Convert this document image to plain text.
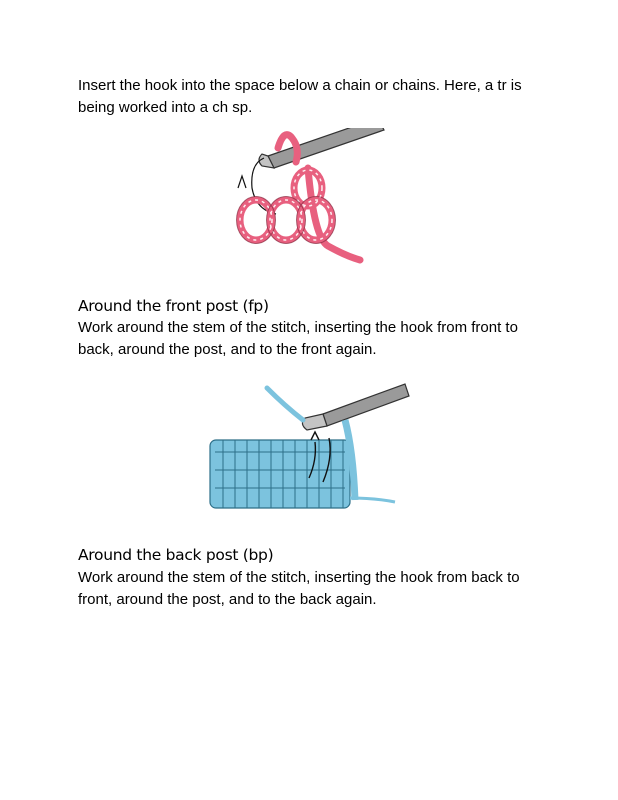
Insert the hook into the space below a chain or chains. Here, a tr is being worked into a ch sp.

Around the front post (fp)

Work around the stem of the stitch, inserting the hook from front to back, around the post, and to the front again.

Around the back post (bp)

Work around the stem of the stitch, inserting the hook from back to front, around the post, and to the back again.
